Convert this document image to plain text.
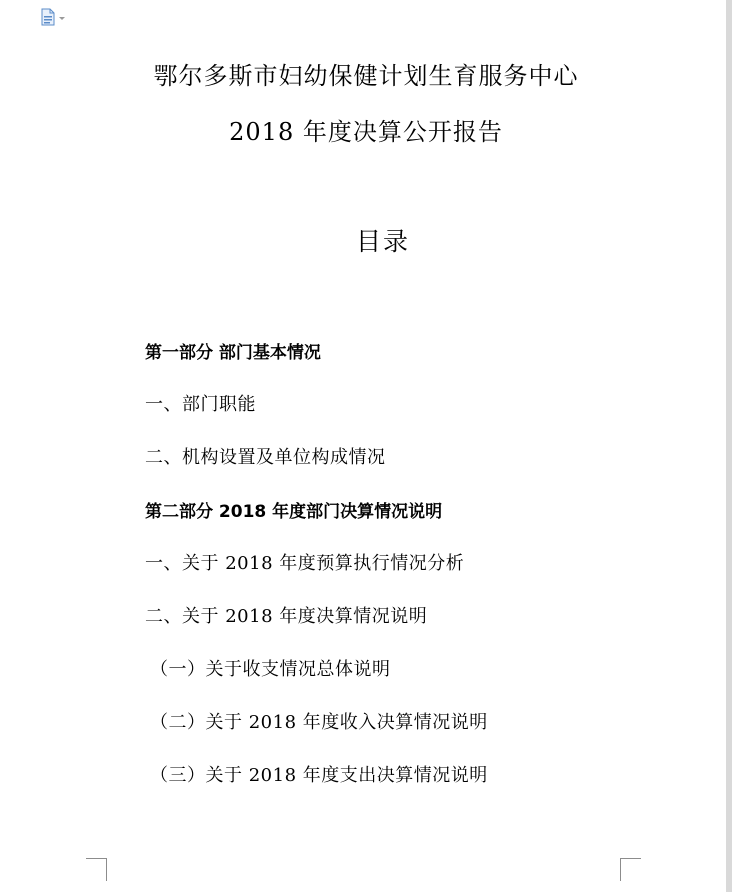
鄂尔多斯市妇幼保健计划生育服务中心
2018 年度决算公开报告
目录
第一部分 部门基本情况
一、部门职能
二、机构设置及单位构成情况
第二部分 2018 年度部门决算情况说明
一、关于 2018 年度预算执行情况分析
二、关于 2018 年度决算情况说明
（一）关于收支情况总体说明
（二）关于 2018 年度收入决算情况说明
（三）关于 2018 年度支出决算情况说明
